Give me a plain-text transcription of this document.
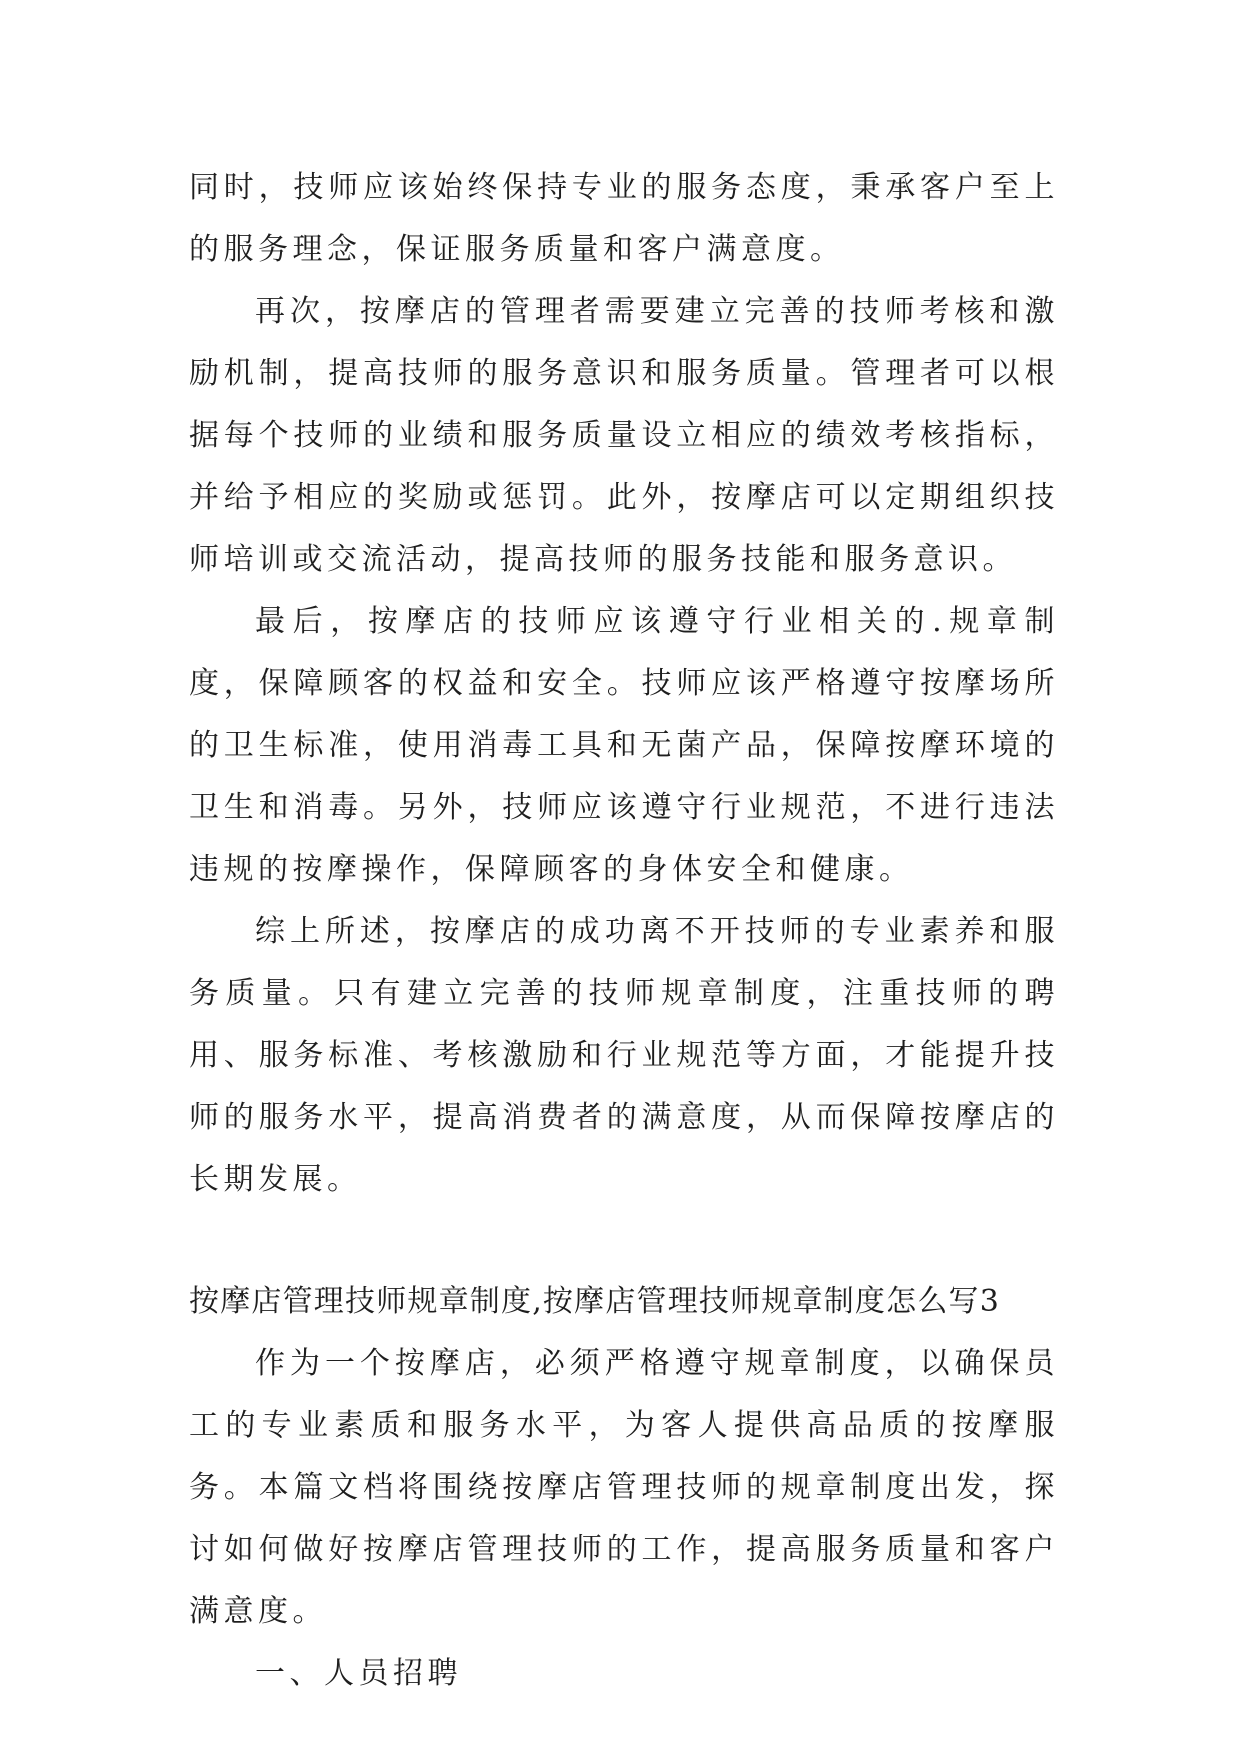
同时，技师应该始终保持专业的服务态度，秉承客户至上的服务理念，保证服务质量和客户满意度。

再次，按摩店的管理者需要建立完善的技师考核和激励机制，提高技师的服务意识和服务质量。管理者可以根据每个技师的业绩和服务质量设立相应的绩效考核指标，并给予相应的奖励或惩罚。此外，按摩店可以定期组织技师培训或交流活动，提高技师的服务技能和服务意识。

最后，按摩店的技师应该遵守行业相关的.规章制度，保障顾客的权益和安全。技师应该严格遵守按摩场所的卫生标准，使用消毒工具和无菌产品，保障按摩环境的卫生和消毒。另外，技师应该遵守行业规范，不进行违法违规的按摩操作，保障顾客的身体安全和健康。

综上所述，按摩店的成功离不开技师的专业素养和服务质量。只有建立完善的技师规章制度，注重技师的聘用、服务标准、考核激励和行业规范等方面，才能提升技师的服务水平，提高消费者的满意度，从而保障按摩店的长期发展。

按摩店管理技师规章制度,按摩店管理技师规章制度怎么写3

作为一个按摩店，必须严格遵守规章制度，以确保员工的专业素质和服务水平，为客人提供高品质的按摩服务。本篇文档将围绕按摩店管理技师的规章制度出发，探讨如何做好按摩店管理技师的工作，提高服务质量和客户满意度。

一、人员招聘
